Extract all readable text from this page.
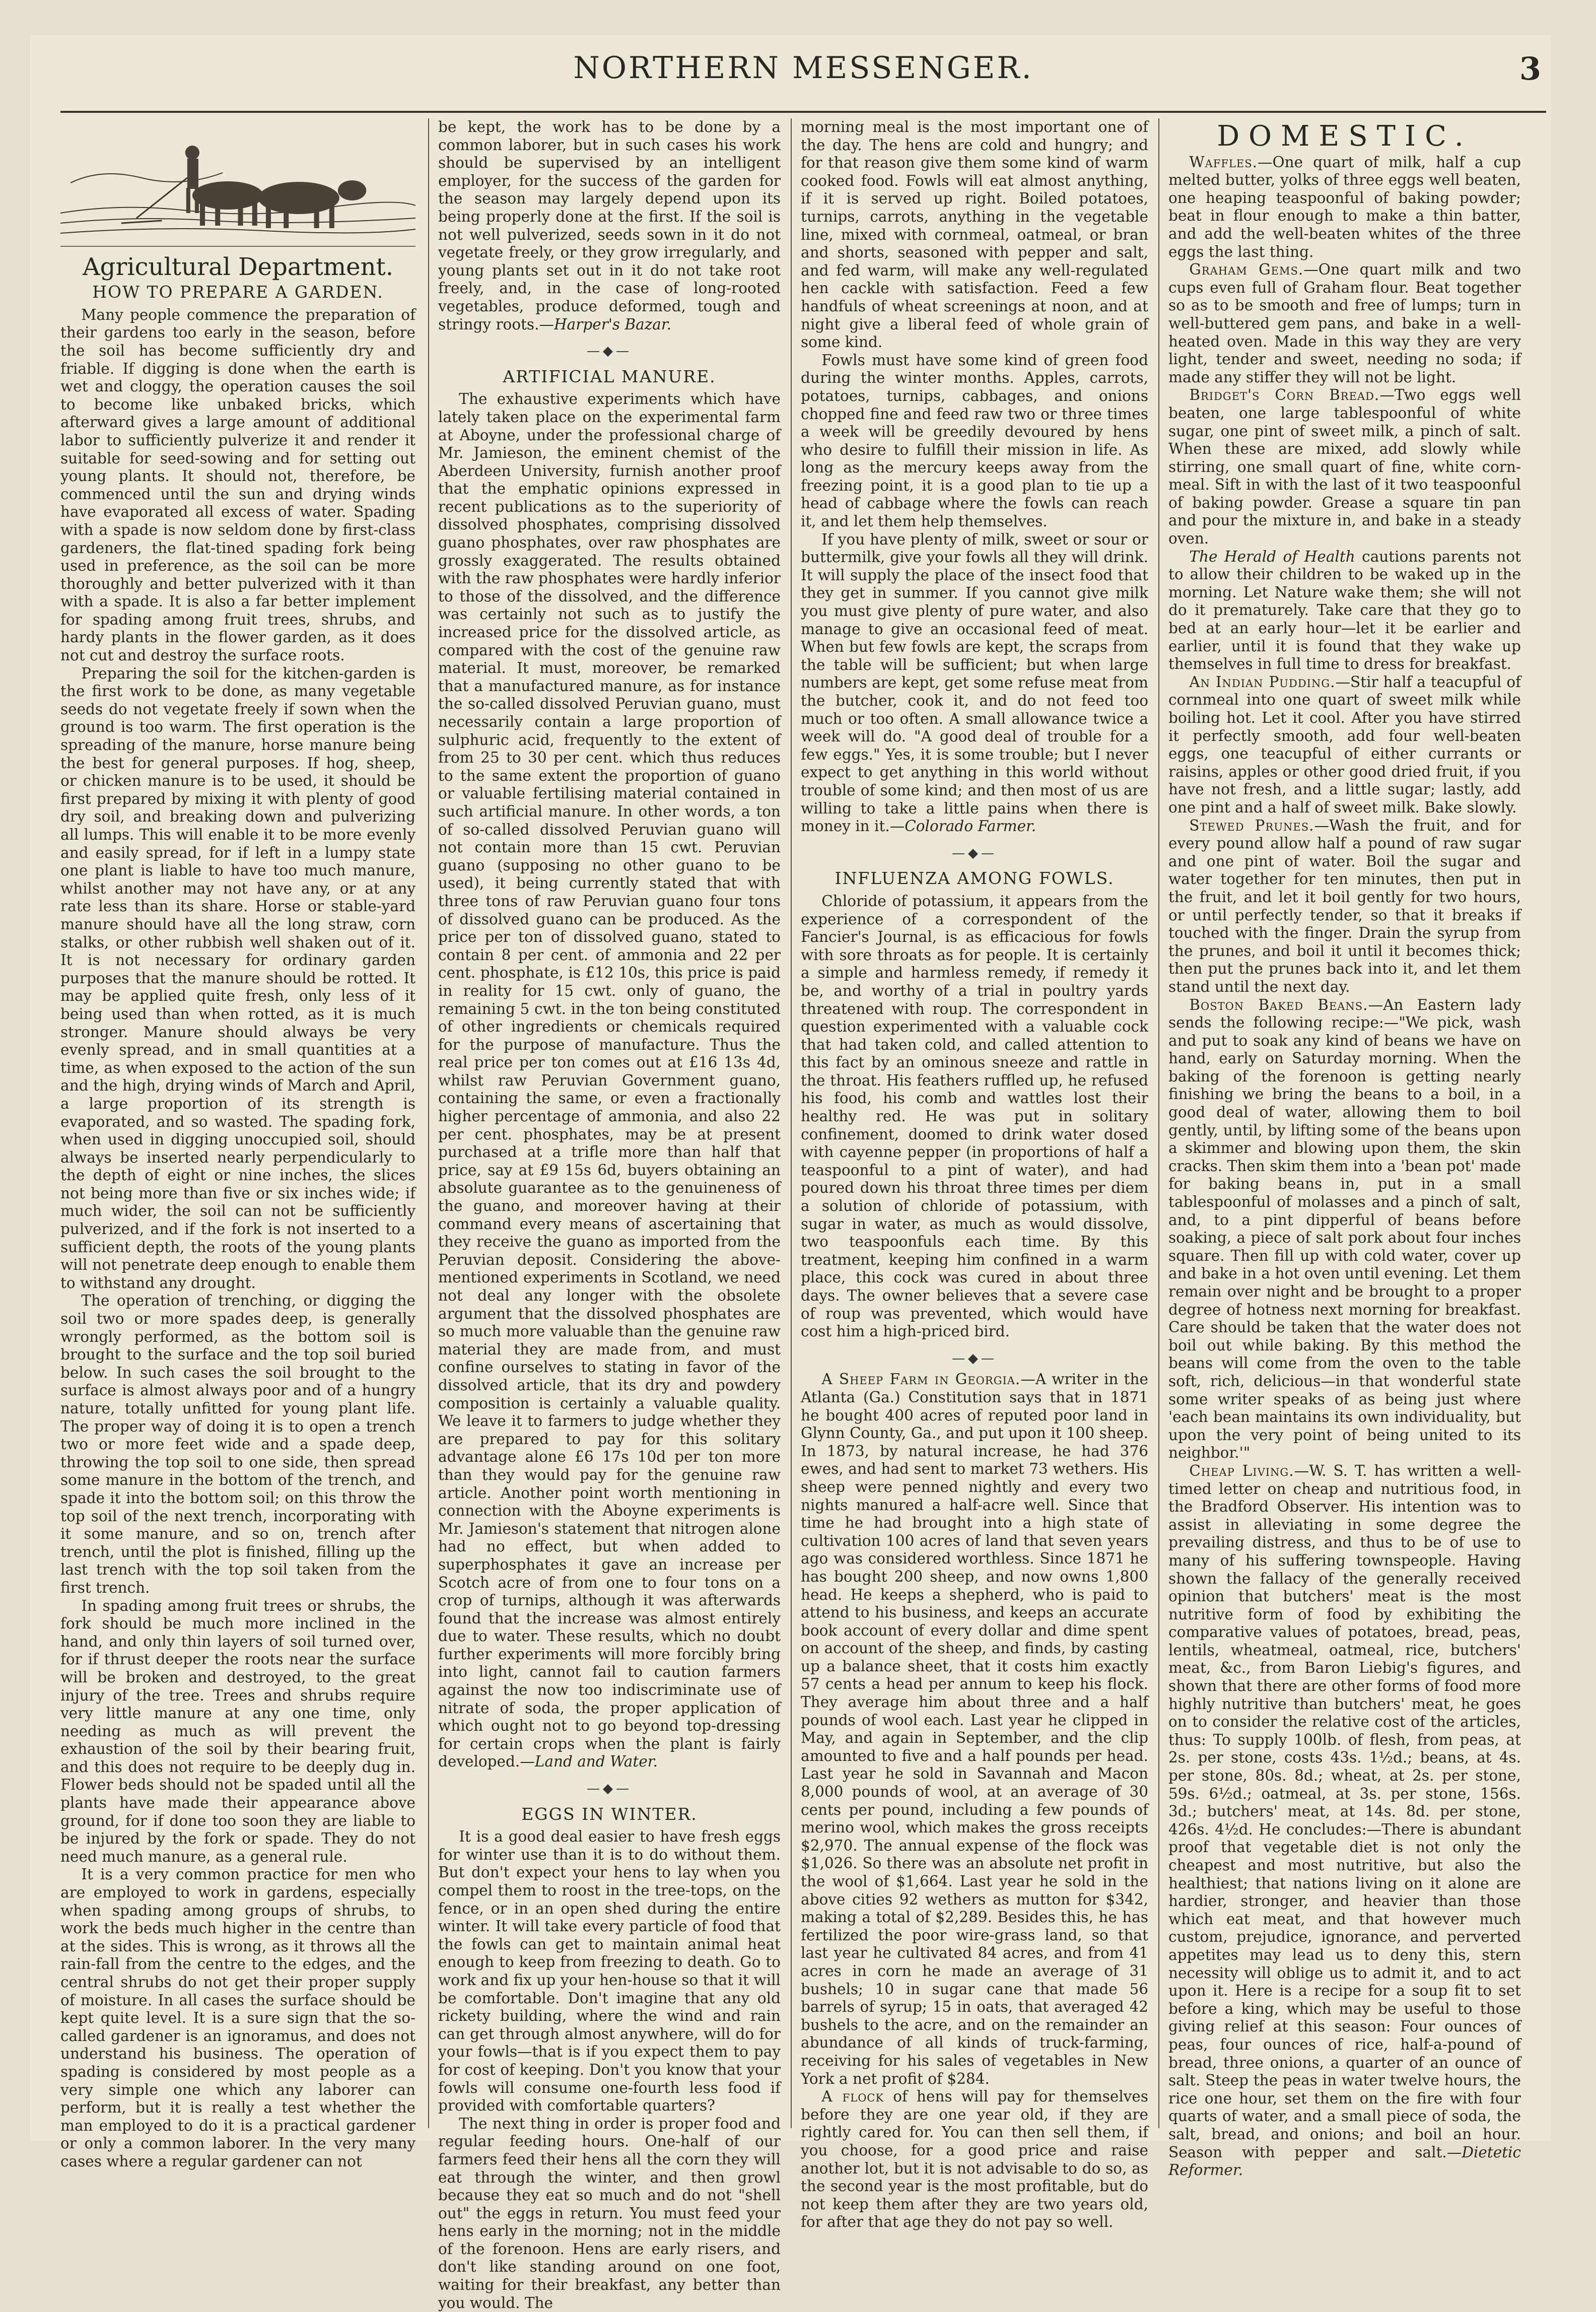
NORTHERN MESSENGER.	3
Agricultural Department.
HOW TO PREPARE A GARDEN.

Many people commence the preparation of their gardens too early in the season, before the soil has become sufficiently dry and friable. If digging is done when the earth is wet and cloggy, the operation causes the soil to become like unbaked bricks, which afterward gives a large amount of additional labor to sufficiently pulverize it and render it suitable for seed-sowing and for setting out young plants. It should not, therefore, be commenced until the sun and drying winds have evaporated all excess of water. Spading with a spade is now seldom done by first-class gardeners, the flat-tined spading fork being used in preference, as the soil can be more thoroughly and better pulverized with it than with a spade. It is also a far better implement for spading among fruit trees, shrubs, and hardy plants in the flower garden, as it does not cut and destroy the surface roots.

Preparing the soil for the kitchen-garden is the first work to be done, as many vegetable seeds do not vegetate freely if sown when the ground is too warm. The first operation is the spreading of the manure, horse manure being the best for general purposes. If hog, sheep, or chicken manure is to be used, it should be first prepared by mixing it with plenty of good dry soil, and breaking down and pulverizing all lumps. This will enable it to be more evenly and easily spread, for if left in a lumpy state one plant is liable to have too much manure, whilst another may not have any, or at any rate less than its share. Horse or stable-yard manure should have all the long straw, corn stalks, or other rubbish well shaken out of it. It is not necessary for ordinary garden purposes that the manure should be rotted. It may be applied quite fresh, only less of it being used than when rotted, as it is much stronger. Manure should always be very evenly spread, and in small quantities at a time, as when exposed to the action of the sun and the high, drying winds of March and April, a large proportion of its strength is evaporated, and so wasted. The spading fork, when used in digging unoccupied soil, should always be inserted nearly perpendicularly to the depth of eight or nine inches, the slices not being more than five or six inches wide; if much wider, the soil can not be sufficiently pulverized, and if the fork is not inserted to a sufficient depth, the roots of the young plants will not penetrate deep enough to enable them to withstand any drought.

The operation of trenching, or digging the soil two or more spades deep, is generally wrongly performed, as the bottom soil is brought to the surface and the top soil buried below. In such cases the soil brought to the surface is almost always poor and of a hungry nature, totally unfitted for young plant life. The proper way of doing it is to open a trench two or more feet wide and a spade deep, throwing the top soil to one side, then spread some manure in the bottom of the trench, and spade it into the bottom soil; on this throw the top soil of the next trench, incorporating with it some manure, and so on, trench after trench, until the plot is finished, filling up the last trench with the top soil taken from the first trench.

In spading among fruit trees or shrubs, the fork should be much more inclined in the hand, and only thin layers of soil turned over, for if thrust deeper the roots near the surface will be broken and destroyed, to the great injury of the tree. Trees and shrubs require very little manure at any one time, only needing as much as will prevent the exhaustion of the soil by their bearing fruit, and this does not require to be deeply dug in. Flower beds should not be spaded until all the plants have made their appearance above ground, for if done too soon they are liable to be injured by the fork or spade. They do not need much manure, as a general rule.

It is a very common practice for men who are employed to work in gardens, especially when spading among groups of shrubs, to work the beds much higher in the centre than at the sides. This is wrong, as it throws all the rain-fall from the centre to the edges, and the central shrubs do not get their proper supply of moisture. In all cases the surface should be kept quite level. It is a sure sign that the so-called gardener is an ignoramus, and does not understand his business. The operation of spading is considered by most people as a very simple one which any laborer can perform, but it is really a test whether the man employed to do it is a practical gardener or only a common laborer. In the very many cases where a regular gardener can not

be kept, the work has to be done by a common laborer, but in such cases his work should be supervised by an intelligent employer, for the success of the garden for the season may largely depend upon its being properly done at the first. If the soil is not well pulverized, seeds sown in it do not vegetate freely, or they grow irregularly, and young plants set out in it do not take root freely, and, in the case of long-rooted vegetables, produce deformed, tough and stringy roots.—Harper's Bazar.

—◆—
ARTIFICIAL MANURE.

The exhaustive experiments which have lately taken place on the experimental farm at Aboyne, under the professional charge of Mr. Jamieson, the eminent chemist of the Aberdeen University, furnish another proof that the emphatic opinions expressed in recent publications as to the superiority of dissolved phosphates, comprising dissolved guano phosphates, over raw phosphates are grossly exaggerated. The results obtained with the raw phosphates were hardly inferior to those of the dissolved, and the difference was certainly not such as to justify the increased price for the dissolved article, as compared with the cost of the genuine raw material. It must, moreover, be remarked that a manufactured manure, as for instance the so-called dissolved Peruvian guano, must necessarily contain a large proportion of sulphuric acid, frequently to the extent of from 25 to 30 per cent. which thus reduces to the same extent the proportion of guano or valuable fertilising material contained in such artificial manure. In other words, a ton of so-called dissolved Peruvian guano will not contain more than 15 cwt. Peruvian guano (supposing no other guano to be used), it being currently stated that with three tons of raw Peruvian guano four tons of dissolved guano can be produced. As the price per ton of dissolved guano, stated to contain 8 per cent. of ammonia and 22 per cent. phosphate, is £12 10s, this price is paid in reality for 15 cwt. only of guano, the remaining 5 cwt. in the ton being constituted of other ingredients or chemicals required for the purpose of manufacture. Thus the real price per ton comes out at £16 13s 4d, whilst raw Peruvian Government guano, containing the same, or even a fractionally higher percentage of ammonia, and also 22 per cent. phosphates, may be at present purchased at a trifle more than half that price, say at £9 15s 6d, buyers obtaining an absolute guarantee as to the genuineness of the guano, and moreover having at their command every means of ascertaining that they receive the guano as imported from the Peruvian deposit. Considering the above-mentioned experiments in Scotland, we need not deal any longer with the obsolete argument that the dissolved phosphates are so much more valuable than the genuine raw material they are made from, and must confine ourselves to stating in favor of the dissolved article, that its dry and powdery composition is certainly a valuable quality. We leave it to farmers to judge whether they are prepared to pay for this solitary advantage alone £6 17s 10d per ton more than they would pay for the genuine raw article. Another point worth mentioning in connection with the Aboyne experiments is Mr. Jamieson's statement that nitrogen alone had no effect, but when added to superphosphates it gave an increase per Scotch acre of from one to four tons on a crop of turnips, although it was afterwards found that the increase was almost entirely due to water. These results, which no doubt further experiments will more forcibly bring into light, cannot fail to caution farmers against the now too indiscriminate use of nitrate of soda, the proper application of which ought not to go beyond top-dressing for certain crops when the plant is fairly developed.—Land and Water.

—◆—
EGGS IN WINTER.

It is a good deal easier to have fresh eggs for winter use than it is to do without them. But don't expect your hens to lay when you compel them to roost in the tree-tops, on the fence, or in an open shed during the entire winter. It will take every particle of food that the fowls can get to maintain animal heat enough to keep from freezing to death. Go to work and fix up your hen-house so that it will be comfortable. Don't imagine that any old rickety building, where the wind and rain can get through almost anywhere, will do for your fowls—that is if you expect them to pay for cost of keeping. Don't you know that your fowls will consume one-fourth less food if provided with comfortable quarters?

The next thing in order is proper food and regular feeding hours. One-half of our farmers feed their hens all the corn they will eat through the winter, and then growl because they eat so much and do not "shell out" the eggs in return. You must feed your hens early in the morning; not in the middle of the forenoon. Hens are early risers, and don't like standing around on one foot, waiting for their breakfast, any better than you would. The

morning meal is the most important one of the day. The hens are cold and hungry; and for that reason give them some kind of warm cooked food. Fowls will eat almost anything, if it is served up right. Boiled potatoes, turnips, carrots, anything in the vegetable line, mixed with cornmeal, oatmeal, or bran and shorts, seasoned with pepper and salt, and fed warm, will make any well-regulated hen cackle with satisfaction. Feed a few handfuls of wheat screenings at noon, and at night give a liberal feed of whole grain of some kind.

Fowls must have some kind of green food during the winter months. Apples, carrots, potatoes, turnips, cabbages, and onions chopped fine and feed raw two or three times a week will be greedily devoured by hens who desire to fulfill their mission in life. As long as the mercury keeps away from the freezing point, it is a good plan to tie up a head of cabbage where the fowls can reach it, and let them help themselves.

If you have plenty of milk, sweet or sour or buttermilk, give your fowls all they will drink. It will supply the place of the insect food that they get in summer. If you cannot give milk you must give plenty of pure water, and also manage to give an occasional feed of meat. When but few fowls are kept, the scraps from the table will be sufficient; but when large numbers are kept, get some refuse meat from the butcher, cook it, and do not feed too much or too often. A small allowance twice a week will do. "A good deal of trouble for a few eggs." Yes, it is some trouble; but I never expect to get anything in this world without trouble of some kind; and then most of us are willing to take a little pains when there is money in it.—Colorado Farmer.

—◆—
INFLUENZA AMONG FOWLS.

Chloride of potassium, it appears from the experience of a correspondent of the Fancier's Journal, is as efficacious for fowls with sore throats as for people. It is certainly a simple and harmless remedy, if remedy it be, and worthy of a trial in poultry yards threatened with roup. The correspondent in question experimented with a valuable cock that had taken cold, and called attention to this fact by an ominous sneeze and rattle in the throat. His feathers ruffled up, he refused his food, his comb and wattles lost their healthy red. He was put in solitary confinement, doomed to drink water dosed with cayenne pepper (in proportions of half a teaspoonful to a pint of water), and had poured down his throat three times per diem a solution of chloride of potassium, with sugar in water, as much as would dissolve, two teaspoonfuls each time. By this treatment, keeping him confined in a warm place, this cock was cured in about three days. The owner believes that a severe case of roup was prevented, which would have cost him a high-priced bird.

—◆—

A Sheep Farm in Georgia.—A writer in the Atlanta (Ga.) Constitution says that in 1871 he bought 400 acres of reputed poor land in Glynn County, Ga., and put upon it 100 sheep. In 1873, by natural increase, he had 376 ewes, and had sent to market 73 wethers. His sheep were penned nightly and every two nights manured a half-acre well. Since that time he had brought into a high state of cultivation 100 acres of land that seven years ago was considered worthless. Since 1871 he has bought 200 sheep, and now owns 1,800 head. He keeps a shepherd, who is paid to attend to his business, and keeps an accurate book account of every dollar and dime spent on account of the sheep, and finds, by casting up a balance sheet, that it costs him exactly 57 cents a head per annum to keep his flock. They average him about three and a half pounds of wool each. Last year he clipped in May, and again in September, and the clip amounted to five and a half pounds per head. Last year he sold in Savannah and Macon 8,000 pounds of wool, at an average of 30 cents per pound, including a few pounds of merino wool, which makes the gross receipts $2,970. The annual expense of the flock was $1,026. So there was an absolute net profit in the wool of $1,664. Last year he sold in the above cities 92 wethers as mutton for $342, making a total of $2,289. Besides this, he has fertilized the poor wire-grass land, so that last year he cultivated 84 acres, and from 41 acres in corn he made an average of 31 bushels; 10 in sugar cane that made 56 barrels of syrup; 15 in oats, that averaged 42 bushels to the acre, and on the remainder an abundance of all kinds of truck-farming, receiving for his sales of vegetables in New York a net profit of $284.

A flock of hens will pay for themselves before they are one year old, if they are rightly cared for. You can then sell them, if you choose, for a good price and raise another lot, but it is not advisable to do so, as the second year is the most profitable, but do not keep them after they are two years old, for after that age they do not pay so well.

DOMESTIC.

Waffles.—One quart of milk, half a cup melted butter, yolks of three eggs well beaten, one heaping teaspoonful of baking powder; beat in flour enough to make a thin batter, and add the well-beaten whites of the three eggs the last thing.

Graham Gems.—One quart milk and two cups even full of Graham flour. Beat together so as to be smooth and free of lumps; turn in well-buttered gem pans, and bake in a well-heated oven. Made in this way they are very light, tender and sweet, needing no soda; if made any stiffer they will not be light.

Bridget's Corn Bread.—Two eggs well beaten, one large tablespoonful of white sugar, one pint of sweet milk, a pinch of salt. When these are mixed, add slowly while stirring, one small quart of fine, white corn-meal. Sift in with the last of it two teaspoonful of baking powder. Grease a square tin pan and pour the mixture in, and bake in a steady oven.

The Herald of Health cautions parents not to allow their children to be waked up in the morning. Let Nature wake them; she will not do it prematurely. Take care that they go to bed at an early hour—let it be earlier and earlier, until it is found that they wake up themselves in full time to dress for breakfast.

An Indian Pudding.—Stir half a teacupful of cornmeal into one quart of sweet milk while boiling hot. Let it cool. After you have stirred it perfectly smooth, add four well-beaten eggs, one teacupful of either currants or raisins, apples or other good dried fruit, if you have not fresh, and a little sugar; lastly, add one pint and a half of sweet milk. Bake slowly.

Stewed Prunes.—Wash the fruit, and for every pound allow half a pound of raw sugar and one pint of water. Boil the sugar and water together for ten minutes, then put in the fruit, and let it boil gently for two hours, or until perfectly tender, so that it breaks if touched with the finger. Drain the syrup from the prunes, and boil it until it becomes thick; then put the prunes back into it, and let them stand until the next day.

Boston Baked Beans.—An Eastern lady sends the following recipe:—"We pick, wash and put to soak any kind of beans we have on hand, early on Saturday morning. When the baking of the forenoon is getting nearly finishing we bring the beans to a boil, in a good deal of water, allowing them to boil gently, until, by lifting some of the beans upon a skimmer and blowing upon them, the skin cracks. Then skim them into a 'bean pot' made for baking beans in, put in a small tablespoonful of molasses and a pinch of salt, and, to a pint dipperful of beans before soaking, a piece of salt pork about four inches square. Then fill up with cold water, cover up and bake in a hot oven until evening. Let them remain over night and be brought to a proper degree of hotness next morning for breakfast. Care should be taken that the water does not boil out while baking. By this method the beans will come from the oven to the table soft, rich, delicious—in that wonderful state some writer speaks of as being just where 'each bean maintains its own individuality, but upon the very point of being united to its neighbor.'"

Cheap Living.—W. S. T. has written a well-timed letter on cheap and nutritious food, in the Bradford Observer. His intention was to assist in alleviating in some degree the prevailing distress, and thus to be of use to many of his suffering townspeople. Having shown the fallacy of the generally received opinion that butchers' meat is the most nutritive form of food by exhibiting the comparative values of potatoes, bread, peas, lentils, wheatmeal, oatmeal, rice, butchers' meat, &c., from Baron Liebig's figures, and shown that there are other forms of food more highly nutritive than butchers' meat, he goes on to consider the relative cost of the articles, thus: To supply 100lb. of flesh, from peas, at 2s. per stone, costs 43s. 1½d.; beans, at 4s. per stone, 80s. 8d.; wheat, at 2s. per stone, 59s. 6½d.; oatmeal, at 3s. per stone, 156s. 3d.; butchers' meat, at 14s. 8d. per stone, 426s. 4½d. He concludes:—There is abundant proof that vegetable diet is not only the cheapest and most nutritive, but also the healthiest; that nations living on it alone are hardier, stronger, and heavier than those which eat meat, and that however much custom, prejudice, ignorance, and perverted appetites may lead us to deny this, stern necessity will oblige us to admit it, and to act upon it. Here is a recipe for a soup fit to set before a king, which may be useful to those giving relief at this season: Four ounces of peas, four ounces of rice, half-a-pound of bread, three onions, a quarter of an ounce of salt. Steep the peas in water twelve hours, the rice one hour, set them on the fire with four quarts of water, and a small piece of soda, the salt, bread, and onions; and boil an hour. Season with pepper and salt.—Dietetic Reformer.
